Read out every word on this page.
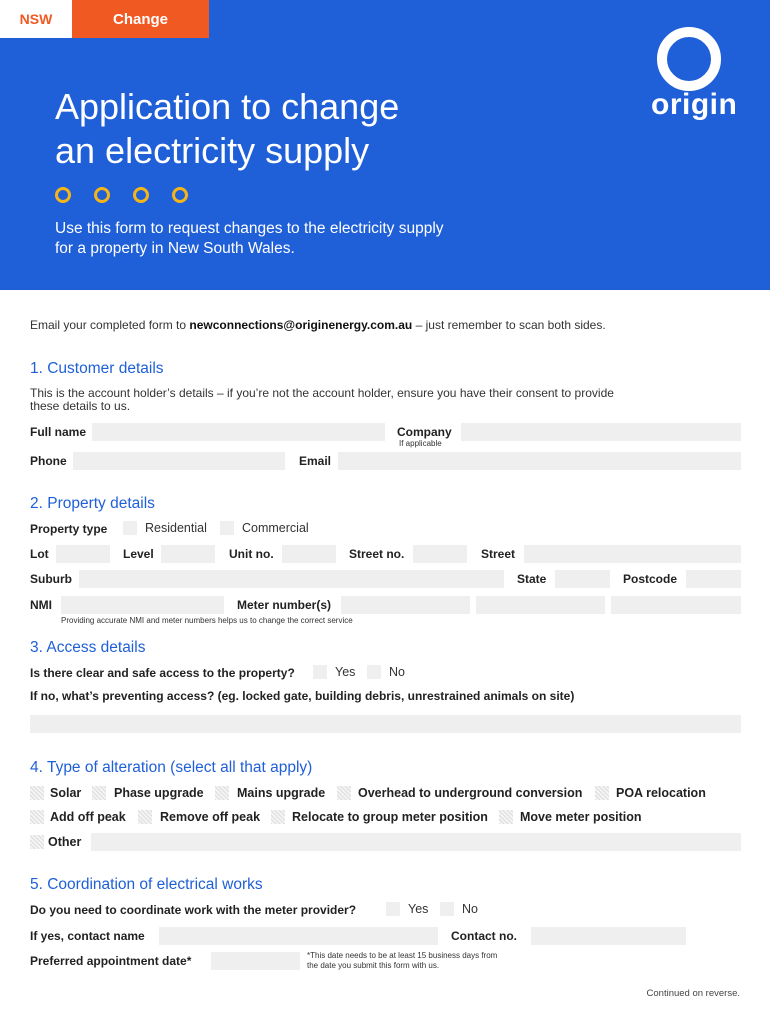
NSW	Change
Application to change
an electricity supply
Use this form to request changes to the electricity supply
for a property in New South Wales.
origin
Email your completed form to newconnections@originenergy.com.au – just remember to scan both sides.
1. Customer details
This is the account holder’s details – if you’re not the account holder, ensure you have their consent to provide
these details to us.
Full name	Company
If applicable
Phone	Email
2. Property details
Property type	Residential	Commercial
Lot	Level	Unit no.	Street no.	Street
Suburb	State	Postcode
NMI	Meter number(s)
Providing accurate NMI and meter numbers helps us to change the correct service
3. Access details
Is there clear and safe access to the property?	Yes	No
If no, what’s preventing access? (eg. locked gate, building debris, unrestrained animals on site)
4. Type of alteration (select all that apply)
Solar	Phase upgrade	Mains upgrade	Overhead to underground conversion	POA relocation
Add off peak	Remove off peak	Relocate to group meter position	Move meter position
Other
5. Coordination of electrical works
Do you need to coordinate work with the meter provider?	Yes	No
If yes, contact name	Contact no.
Preferred appointment date*	*This date needs to be at least 15 business days from
the date you submit this form with us.
Continued on reverse.
